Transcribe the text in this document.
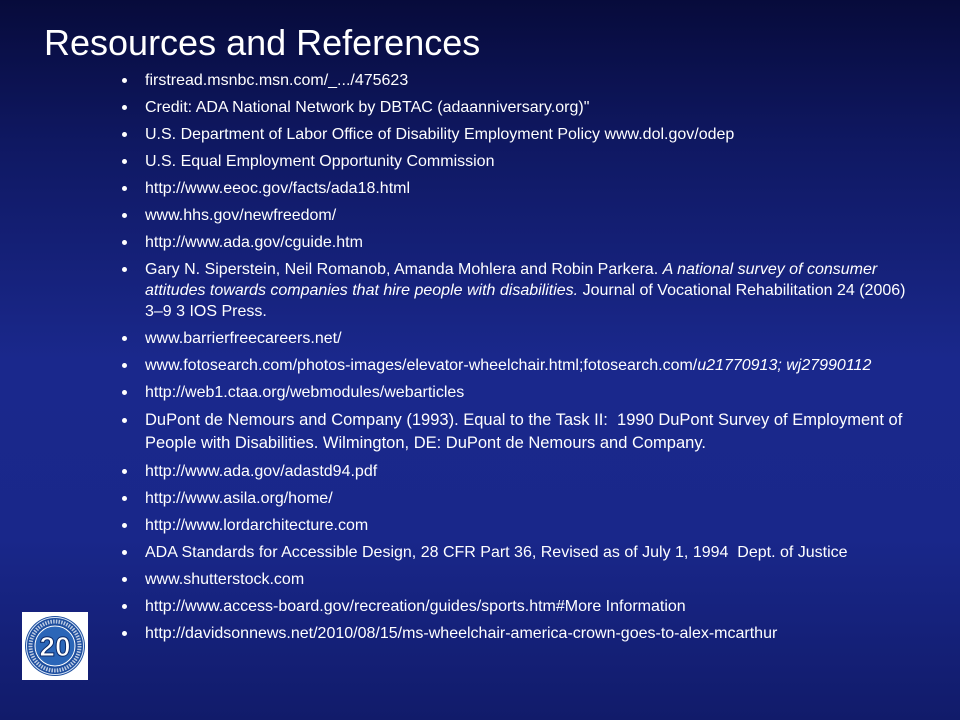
Resources and References
firstread.msnbc.msn.com/_.../475623
Credit: ADA National Network by DBTAC (adaanniversary.org)"
U.S. Department of Labor Office of Disability Employment Policy www.dol.gov/odep
U.S. Equal Employment Opportunity Commission
http://www.eeoc.gov/facts/ada18.html
www.hhs.gov/newfreedom/
http://www.ada.gov/cguide.htm
Gary N. Siperstein, Neil Romanob, Amanda Mohlera and Robin Parkera. A national survey of consumer attitudes towards companies that hire people with disabilities. Journal of Vocational Rehabilitation 24 (2006) 3–9 3 IOS Press.
www.barrierfreecareers.net/
www.fotosearch.com/photos-images/elevator-wheelchair.html;fotosearch.com/u21770913; wj27990112
http://web1.ctaa.org/webmodules/webarticles
DuPont de Nemours and Company (1993). Equal to the Task II:  1990 DuPont Survey of Employment of People with Disabilities. Wilmington, DE: DuPont de Nemours and Company.
http://www.ada.gov/adastd94.pdf
http://www.asila.org/home/
http://www.lordarchitecture.com
ADA Standards for Accessible Design, 28 CFR Part 36, Revised as of July 1, 1994  Dept. of Justice
www.shutterstock.com
http://www.access-board.gov/recreation/guides/sports.htm#More Information
http://davidsonnews.net/2010/08/15/ms-wheelchair-america-crown-goes-to-alex-mcarthur
20
